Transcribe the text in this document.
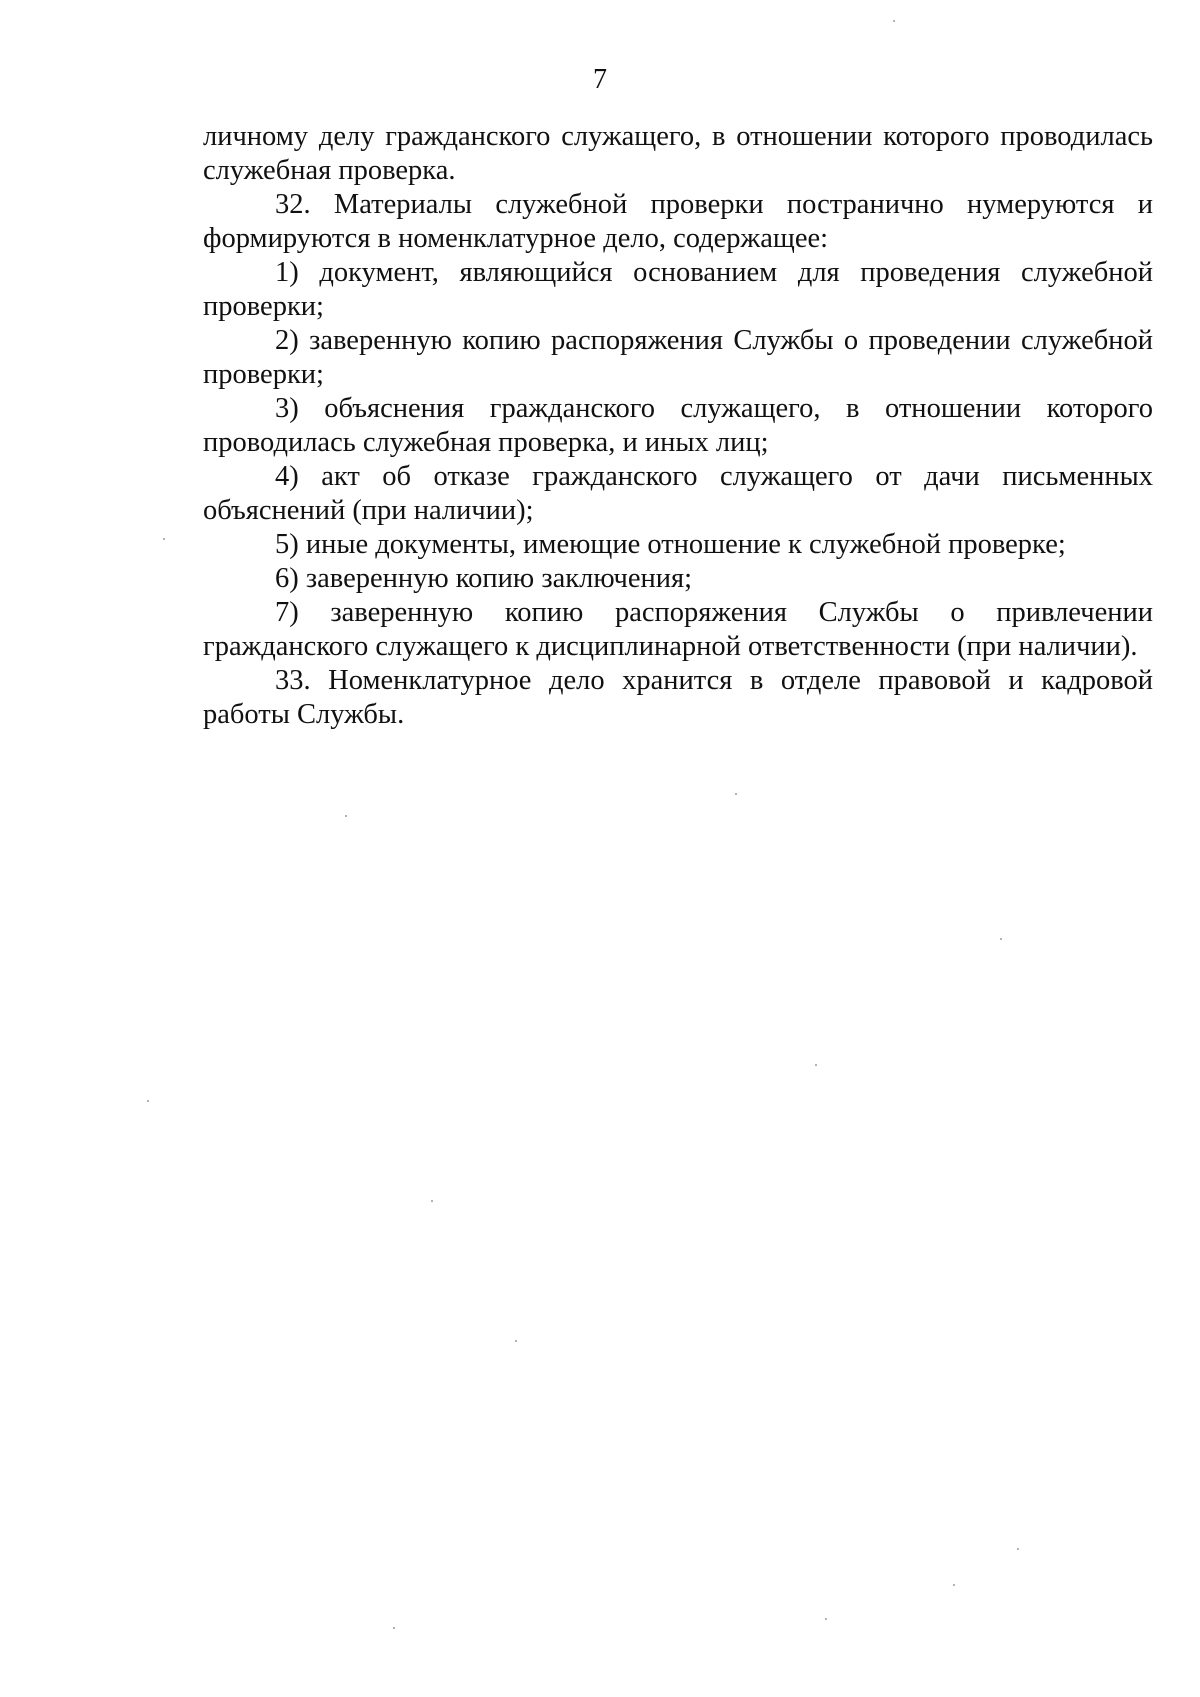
7

личному делу гражданского служащего, в отношении которого проводилась служебная проверка.

32. Материалы служебной проверки постранично нумеруются и формируются в номенклатурное дело, содержащее:

1) документ, являющийся основанием для проведения служебной проверки;

2) заверенную копию распоряжения Службы о проведении служебной проверки;

3) объяснения гражданского служащего, в отношении которого проводилась служебная проверка, и иных лиц;

4) акт об отказе гражданского служащего от дачи письменных объяснений (при наличии);

5) иные документы, имеющие отношение к служебной проверке;

6) заверенную копию заключения;

7) заверенную копию распоряжения Службы о привлечении гражданского служащего к дисциплинарной ответственности (при наличии).

33. Номенклатурное дело хранится в отделе правовой и кадровой работы Службы.
